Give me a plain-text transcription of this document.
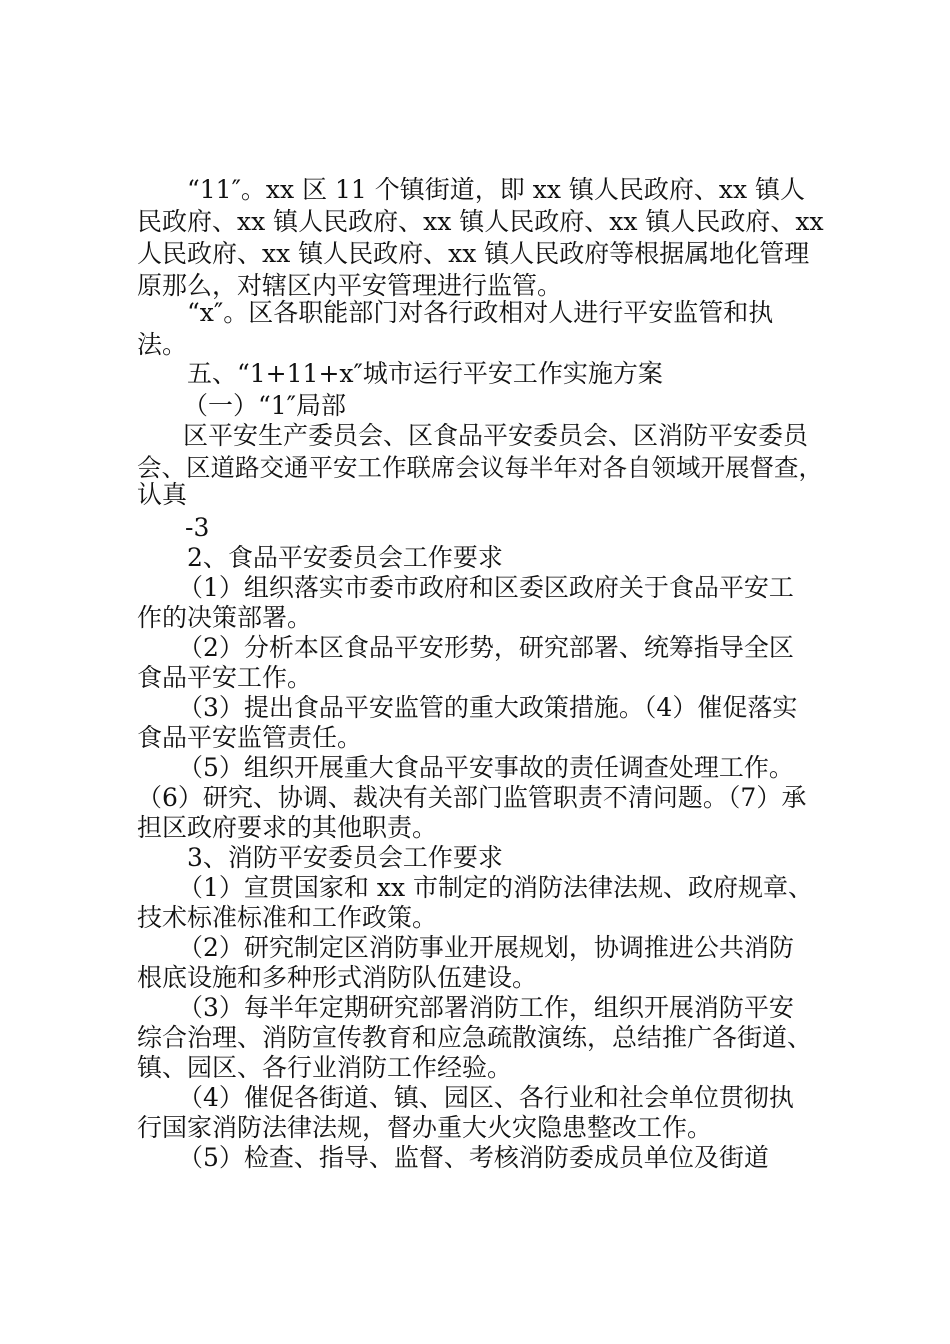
“11″。xx 区 11 个镇街道，即 xx 镇人民政府、xx 镇人
民政府、xx 镇人民政府、xx 镇人民政府、xx 镇人民政府、xx
人民政府、xx 镇人民政府、xx 镇人民政府等根据属地化管理
原那么，对辖区内平安管理进行监管。
“x″。区各职能部门对各行政相对人进行平安监管和执
法。
五、“1+11+x″城市运行平安工作实施方案
（一）“1″局部
区平安生产委员会、区食品平安委员会、区消防平安委员
会、区道路交通平安工作联席会议每半年对各自领域开展督查，
认真
-3
2、食品平安委员会工作要求
（1）组织落实市委市政府和区委区政府关于食品平安工
作的决策部署。
（2）分析本区食品平安形势，研究部署、统筹指导全区
食品平安工作。
（3）提出食品平安监管的重大政策措施。（4）催促落实
食品平安监管责任。
（5）组织开展重大食品平安事故的责任调查处理工作。
（6）研究、协调、裁决有关部门监管职责不清问题。（7）承
担区政府要求的其他职责。
3、消防平安委员会工作要求
（1）宣贯国家和 xx 市制定的消防法律法规、政府规章、
技术标准标准和工作政策。
（2）研究制定区消防事业开展规划，协调推进公共消防
根底设施和多种形式消防队伍建设。
（3）每半年定期研究部署消防工作，组织开展消防平安
综合治理、消防宣传教育和应急疏散演练，总结推广各街道、
镇、园区、各行业消防工作经验。
（4）催促各街道、镇、园区、各行业和社会单位贯彻执
行国家消防法律法规，督办重大火灾隐患整改工作。
（5）检查、指导、监督、考核消防委成员单位及街道
